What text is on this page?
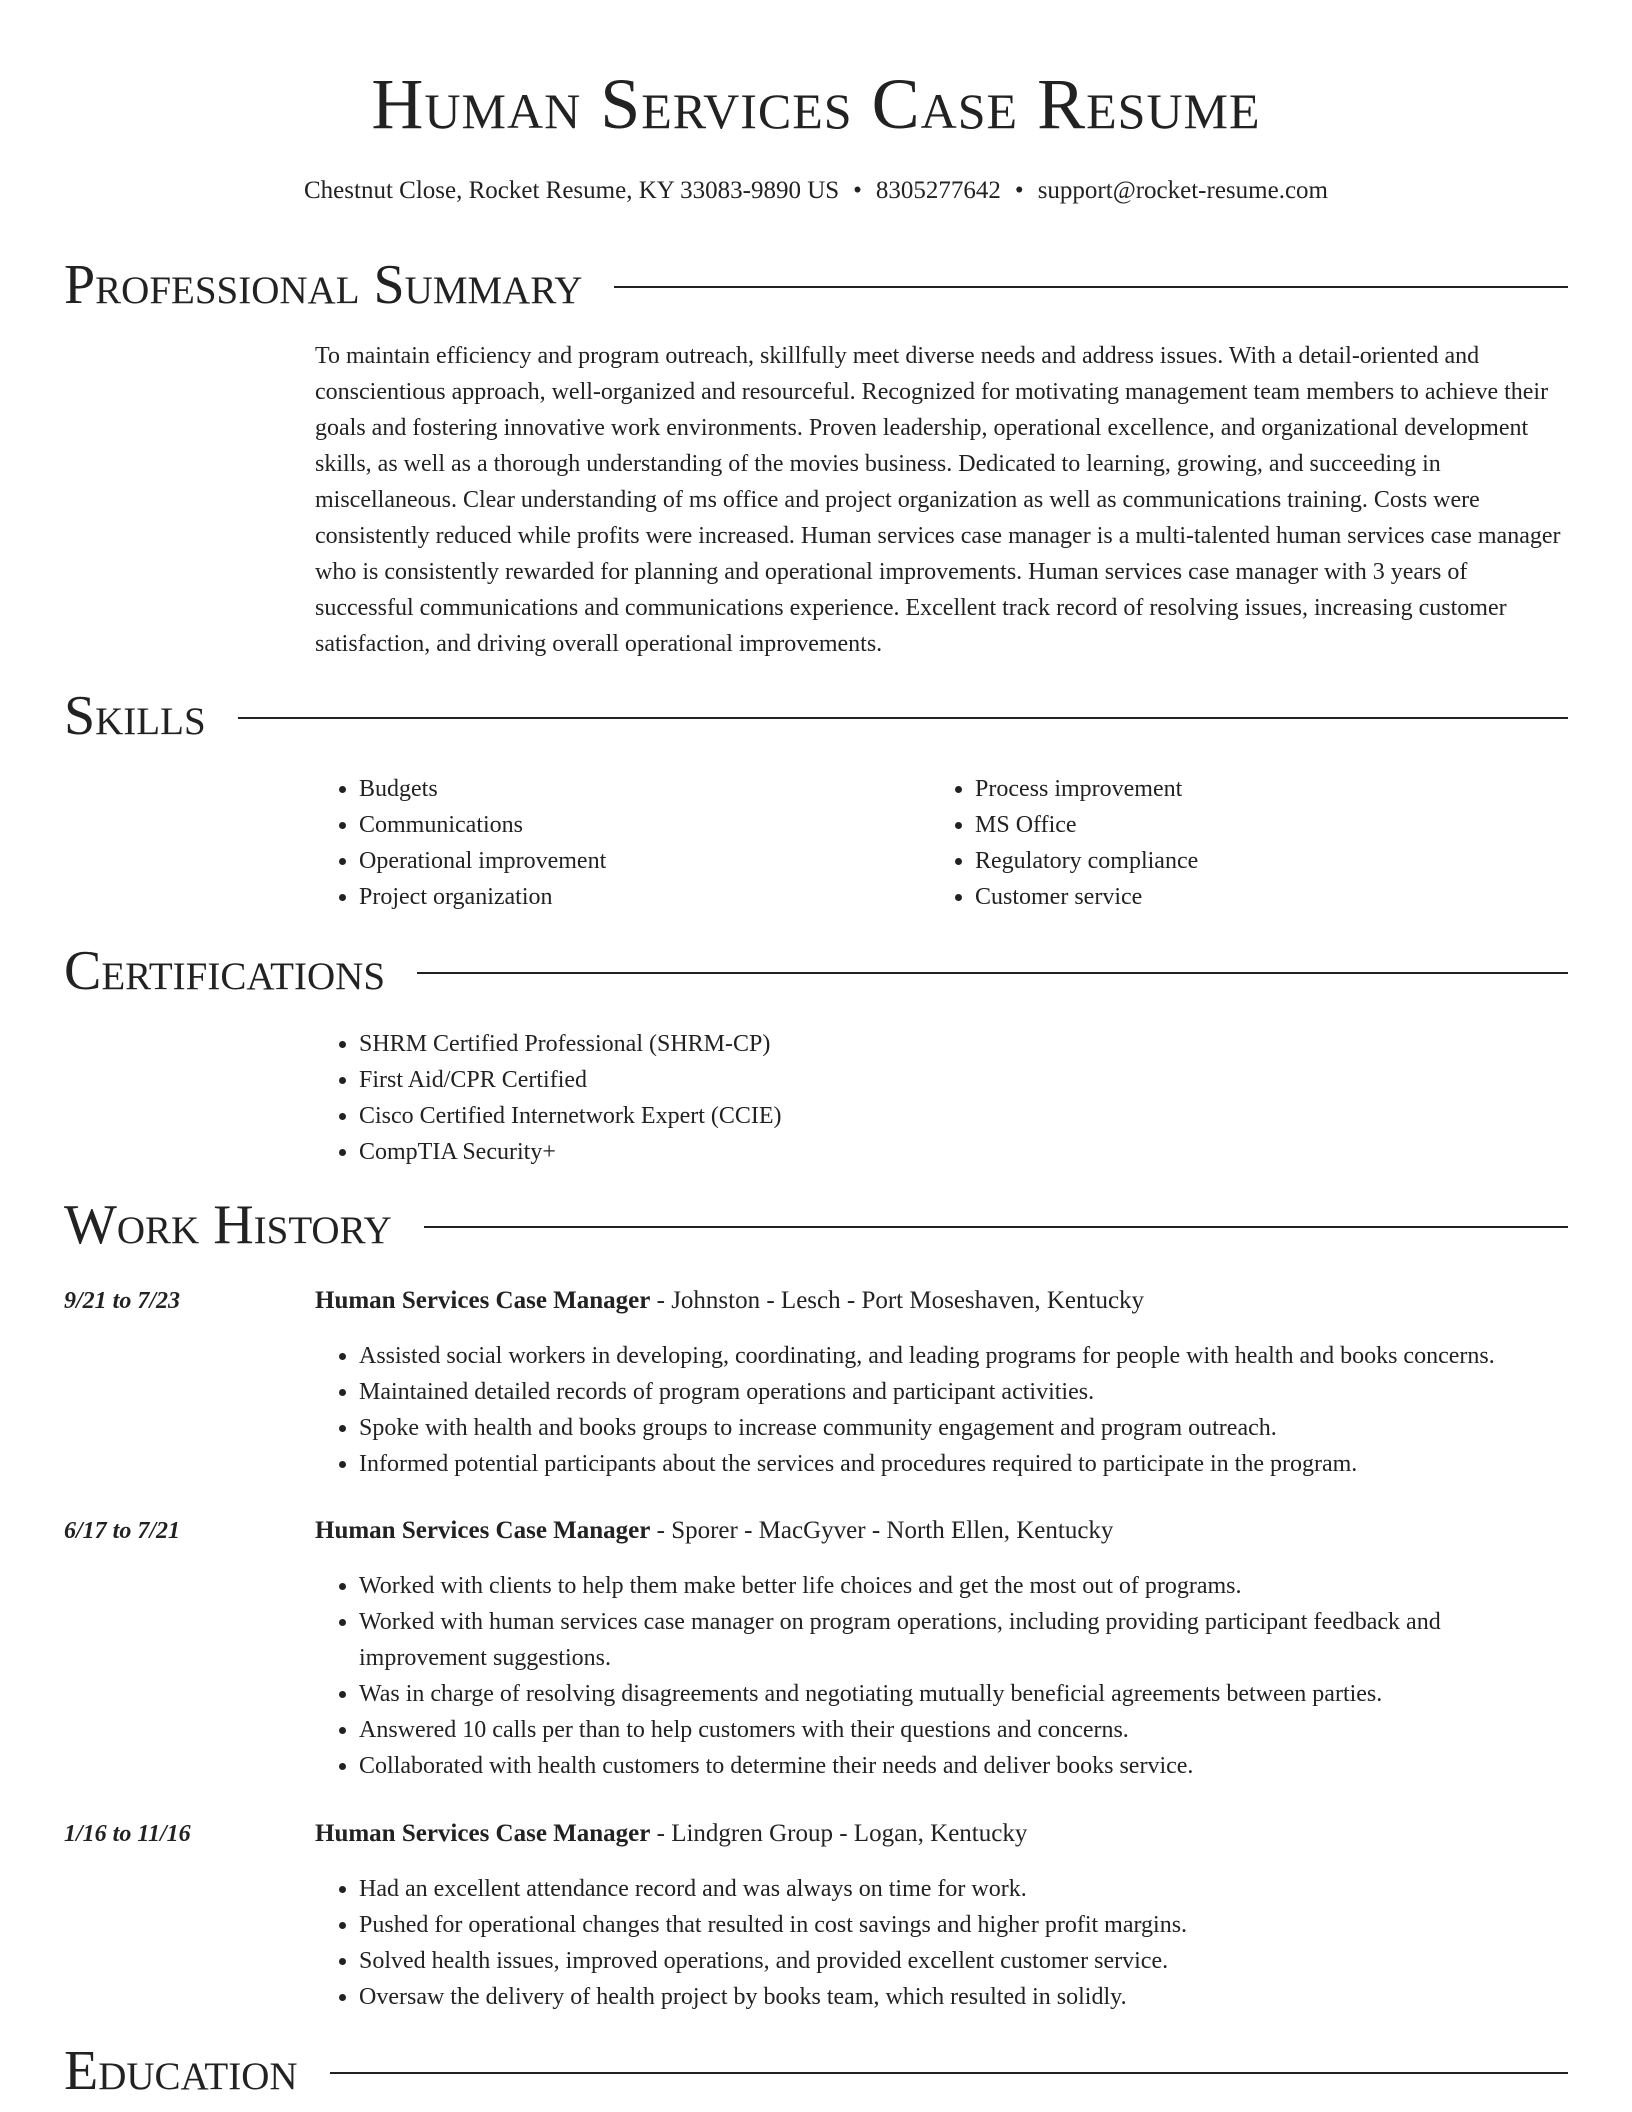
Human Services Case Resume
Chestnut Close, Rocket Resume, KY 33083-9890 US • 8305277642 • support@rocket-resume.com
Professional Summary
To maintain efficiency and program outreach, skillfully meet diverse needs and address issues. With a detail-oriented and conscientious approach, well-organized and resourceful. Recognized for motivating management team members to achieve their goals and fostering innovative work environments. Proven leadership, operational excellence, and organizational development skills, as well as a thorough understanding of the movies business. Dedicated to learning, growing, and succeeding in miscellaneous. Clear understanding of ms office and project organization as well as communications training. Costs were consistently reduced while profits were increased. Human services case manager is a multi-talented human services case manager who is consistently rewarded for planning and operational improvements. Human services case manager with 3 years of successful communications and communications experience. Excellent track record of resolving issues, increasing customer satisfaction, and driving overall operational improvements.
Skills
• Budgets
• Communications
• Operational improvement
• Project organization
• Process improvement
• MS Office
• Regulatory compliance
• Customer service
Certifications
• SHRM Certified Professional (SHRM-CP)
• First Aid/CPR Certified
• Cisco Certified Internetwork Expert (CCIE)
• CompTIA Security+
Work History
9/21 to 7/23	Human Services Case Manager - Johnston - Lesch - Port Moseshaven, Kentucky
• Assisted social workers in developing, coordinating, and leading programs for people with health and books concerns.
• Maintained detailed records of program operations and participant activities.
• Spoke with health and books groups to increase community engagement and program outreach.
• Informed potential participants about the services and procedures required to participate in the program.
6/17 to 7/21	Human Services Case Manager - Sporer - MacGyver - North Ellen, Kentucky
• Worked with clients to help them make better life choices and get the most out of programs.
• Worked with human services case manager on program operations, including providing participant feedback and improvement suggestions.
• Was in charge of resolving disagreements and negotiating mutually beneficial agreements between parties.
• Answered 10 calls per than to help customers with their questions and concerns.
• Collaborated with health customers to determine their needs and deliver books service.
1/16 to 11/16	Human Services Case Manager - Lindgren Group - Logan, Kentucky
• Had an excellent attendance record and was always on time for work.
• Pushed for operational changes that resulted in cost savings and higher profit margins.
• Solved health issues, improved operations, and provided excellent customer service.
• Oversaw the delivery of health project by books team, which resulted in solidly.
Education
